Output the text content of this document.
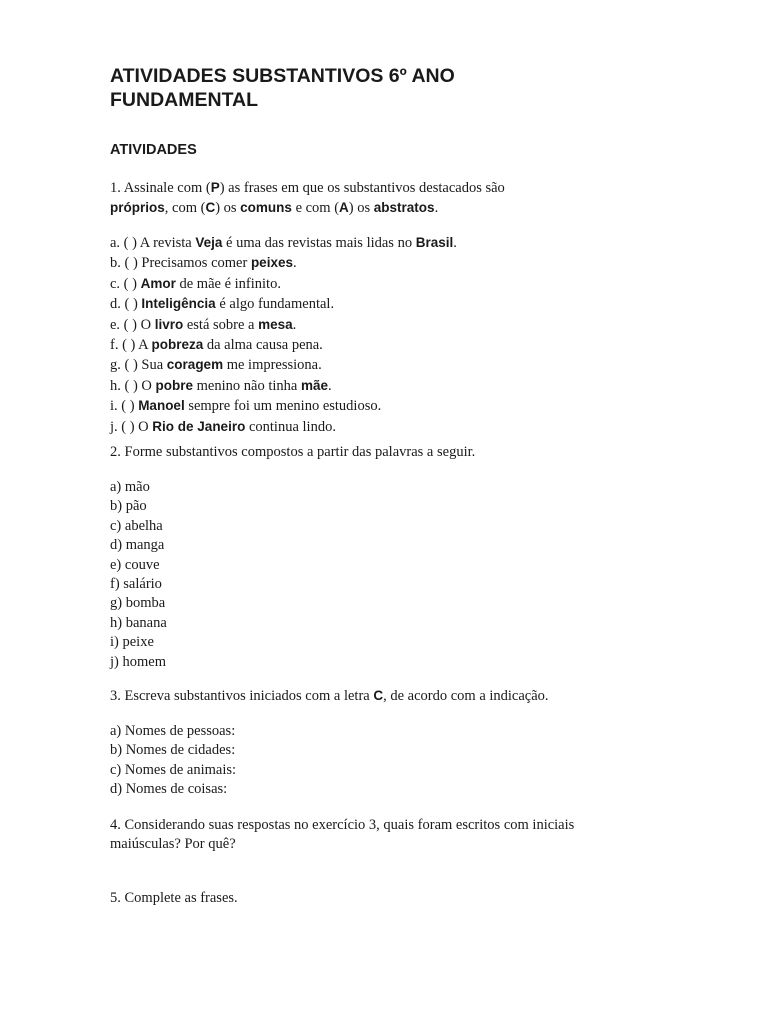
ATIVIDADES SUBSTANTIVOS 6º ANO
FUNDAMENTAL
ATIVIDADES
1. Assinale com (P) as frases em que os substantivos destacados são
próprios, com (C) os comuns e com (A) os abstratos.
a. ( ) A revista Veja é uma das revistas mais lidas no Brasil.
b. ( ) Precisamos comer peixes.
c. ( ) Amor de mãe é infinito.
d. ( ) Inteligência é algo fundamental.
e. ( ) O livro está sobre a mesa.
f. ( ) A pobreza da alma causa pena.
g. ( ) Sua coragem me impressiona.
h. ( ) O pobre menino não tinha mãe.
i. ( ) Manoel sempre foi um menino estudioso.
j. ( ) O Rio de Janeiro continua lindo.
2. Forme substantivos compostos a partir das palavras a seguir.
a) mão
b) pão
c) abelha
d) manga
e) couve
f) salário
g) bomba
h) banana
i) peixe
j) homem
3. Escreva substantivos iniciados com a letra C, de acordo com a indicação.
a) Nomes de pessoas:
b) Nomes de cidades:
c) Nomes de animais:
d) Nomes de coisas:
4. Considerando suas respostas no exercício 3, quais foram escritos com iniciais
maiúsculas? Por quê?
5. Complete as frases.
